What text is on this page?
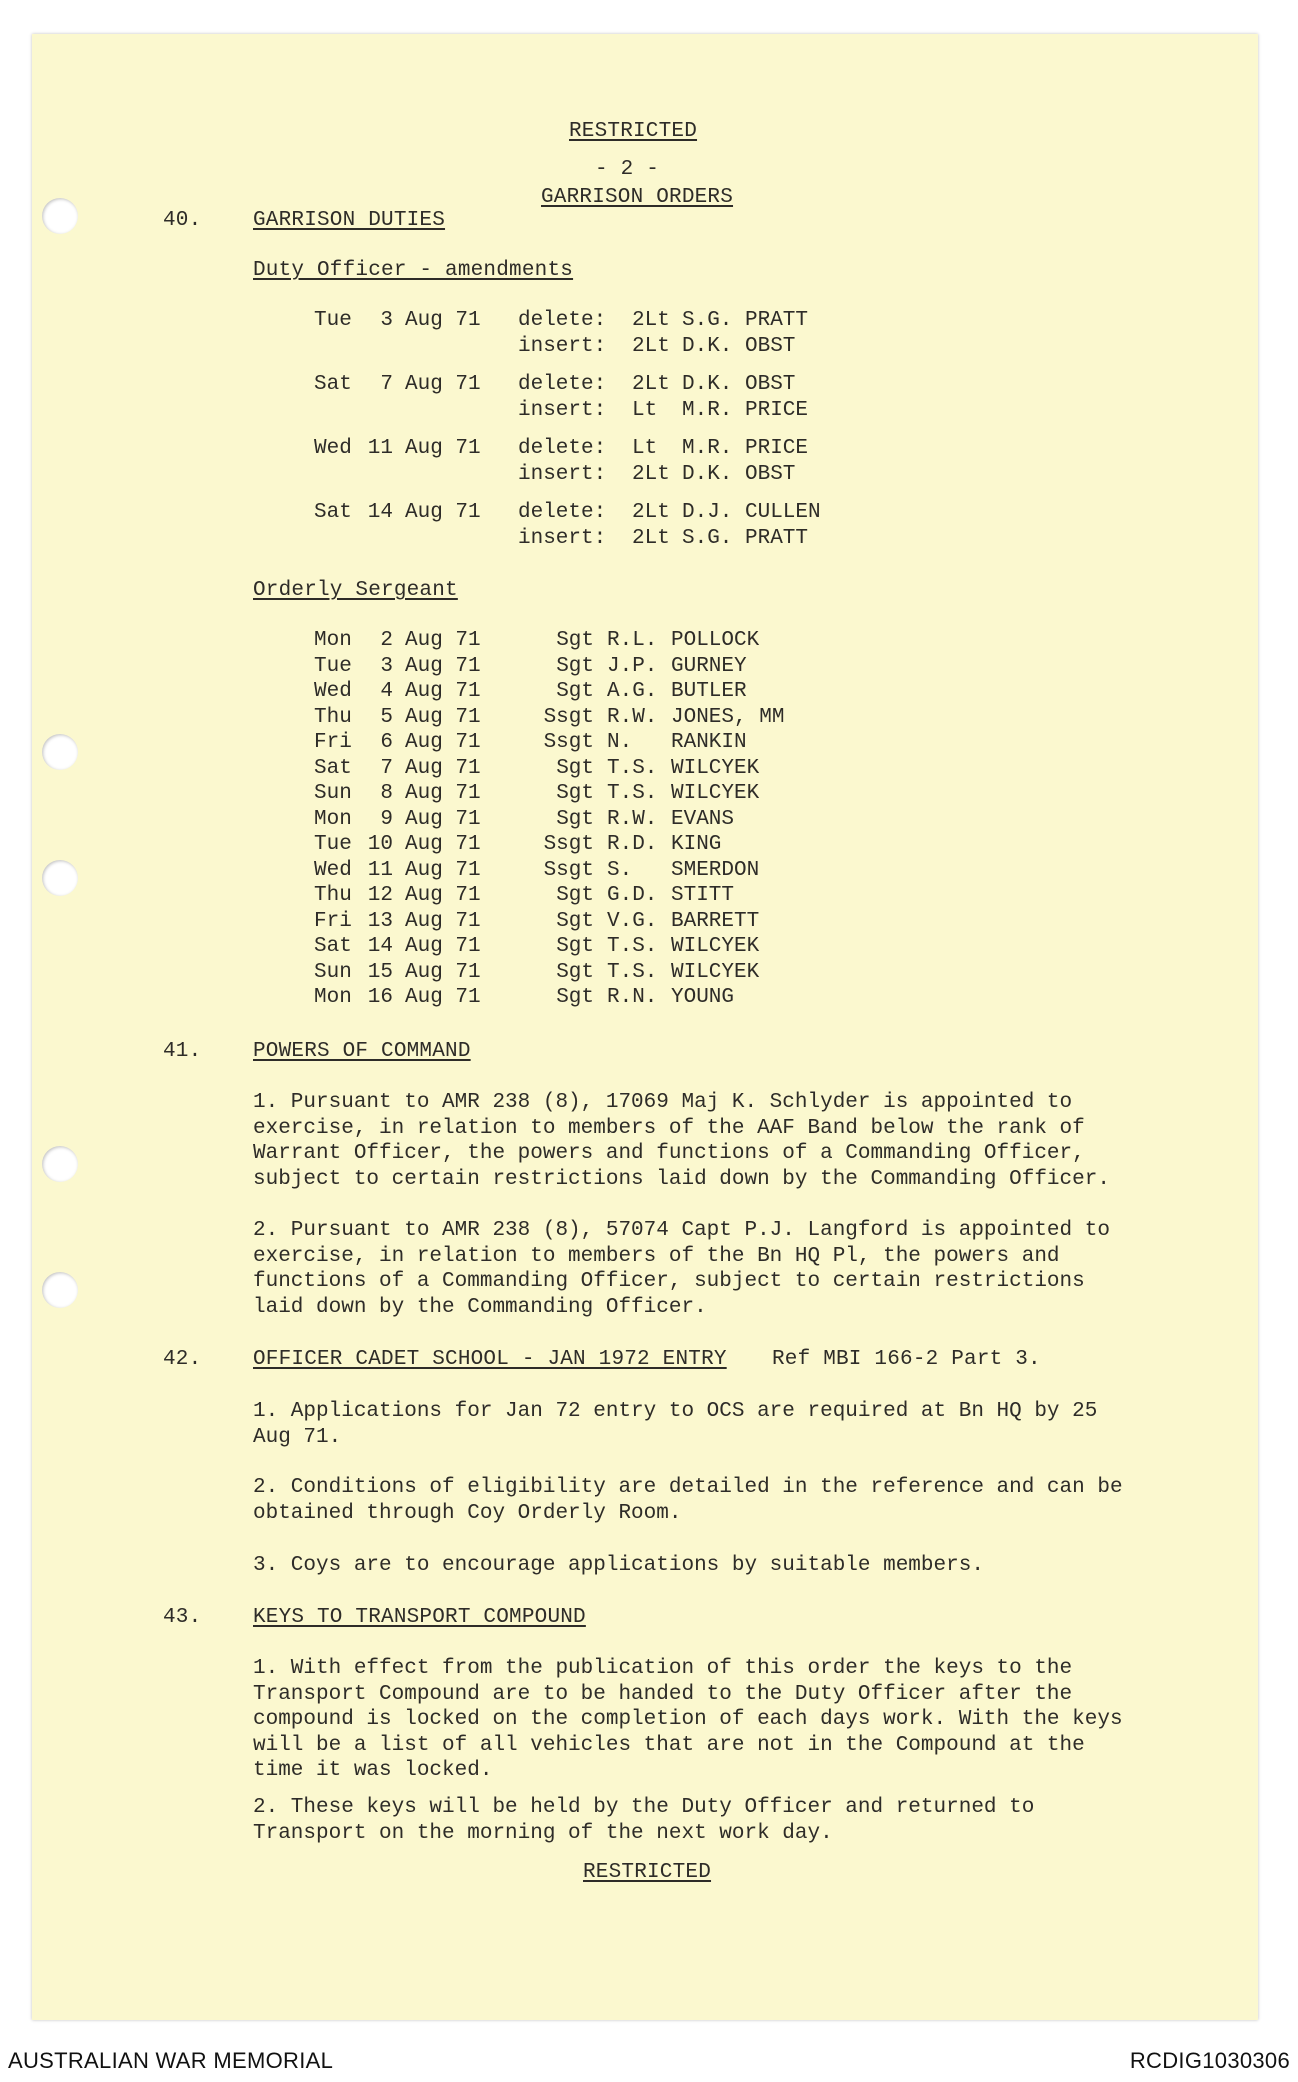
RESTRICTED
- 2 -
GARRISON ORDERS
40. GARRISON DUTIES
Duty Officer - amendments
Tue 3 Aug 71 delete: 2Lt S.G. PRATT
insert: 2Lt D.K. OBST
Sat 7 Aug 71 delete: 2Lt D.K. OBST
insert: Lt M.R. PRICE
Wed 11 Aug 71 delete: Lt M.R. PRICE
insert: 2Lt D.K. OBST
Sat 14 Aug 71 delete: 2Lt D.J. CULLEN
insert: 2Lt S.G. PRATT
Orderly Sergeant
Mon 2 Aug 71	Sgt R.L. POLLOCK
Tue 3 Aug 71	Sgt J.P. GURNEY
Wed 4 Aug 71	Sgt A.G. BUTLER
Thu 5 Aug 71	Ssgt R.W. JONES, MM
Fri 6 Aug 71	Ssgt N. RANKIN
Sat 7 Aug 71	Sgt T.S. WILCYEK
Sun 8 Aug 71	Sgt T.S. WILCYEK
Mon 9 Aug 71	Sgt R.W. EVANS
Tue 10 Aug 71	Ssgt R.D. KING
Wed 11 Aug 71	Ssgt S. SMERDON
Thu 12 Aug 71	Sgt G.D. STITT
Fri 13 Aug 71	Sgt V.G. BARRETT
Sat 14 Aug 71	Sgt T.S. WILCYEK
Sun 15 Aug 71	Sgt T.S. WILCYEK
Mon 16 Aug 71	Sgt R.N. YOUNG
41. POWERS OF COMMAND
1. Pursuant to AMR 238 (8), 17069 Maj K. Schlyder is appointed to exercise, in relation to members of the AAF Band below the rank of Warrant Officer, the powers and functions of a Commanding Officer, subject to certain restrictions laid down by the Commanding Officer.
2. Pursuant to AMR 238 (8), 57074 Capt P.J. Langford is appointed to exercise, in relation to members of the Bn HQ Pl, the powers and functions of a Commanding Officer, subject to certain restrictions laid down by the Commanding Officer.
42. OFFICER CADET SCHOOL - JAN 1972 ENTRY Ref MBI 166-2 Part 3.
1. Applications for Jan 72 entry to OCS are required at Bn HQ by 25 Aug 71.
2. Conditions of eligibility are detailed in the reference and can be obtained through Coy Orderly Room.
3. Coys are to encourage applications by suitable members.
43. KEYS TO TRANSPORT COMPOUND
1. With effect from the publication of this order the keys to the Transport Compound are to be handed to the Duty Officer after the compound is locked on the completion of each days work. With the keys will be a list of all vehicles that are not in the Compound at the time it was locked.
2. These keys will be held by the Duty Officer and returned to Transport on the morning of the next work day.
RESTRICTED
AUSTRALIAN WAR MEMORIAL	RCDIG1030306
